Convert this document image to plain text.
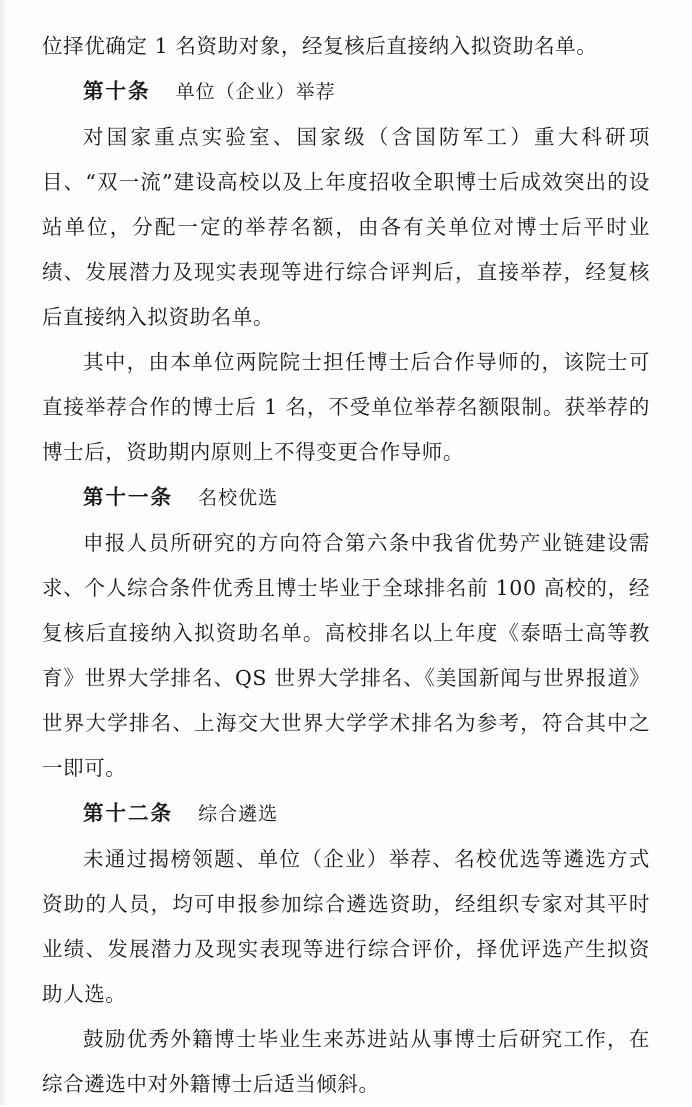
位择优确定 1 名资助对象，经复核后直接纳入拟资助名单。

第十条 单位（企业）举荐

对国家重点实验室、国家级（含国防军工）重大科研项目、“双一流”建设高校以及上年度招收全职博士后成效突出的设站单位，分配一定的举荐名额，由各有关单位对博士后平时业绩、发展潜力及现实表现等进行综合评判后，直接举荐，经复核后直接纳入拟资助名单。

其中，由本单位两院院士担任博士后合作导师的，该院士可直接举荐合作的博士后 1 名，不受单位举荐名额限制。获举荐的博士后，资助期内原则上不得变更合作导师。

第十一条 名校优选

申报人员所研究的方向符合第六条中我省优势产业链建设需求、个人综合条件优秀且博士毕业于全球排名前 100 高校的，经复核后直接纳入拟资助名单。高校排名以上年度《泰晤士高等教育》世界大学排名、QS 世界大学排名、《美国新闻与世界报道》世界大学排名、上海交大世界大学学术排名为参考，符合其中之一即可。

第十二条 综合遴选

未通过揭榜领题、单位（企业）举荐、名校优选等遴选方式资助的人员，均可申报参加综合遴选资助，经组织专家对其平时业绩、发展潜力及现实表现等进行综合评价，择优评选产生拟资助人选。

鼓励优秀外籍博士毕业生来苏进站从事博士后研究工作，在综合遴选中对外籍博士后适当倾斜。
